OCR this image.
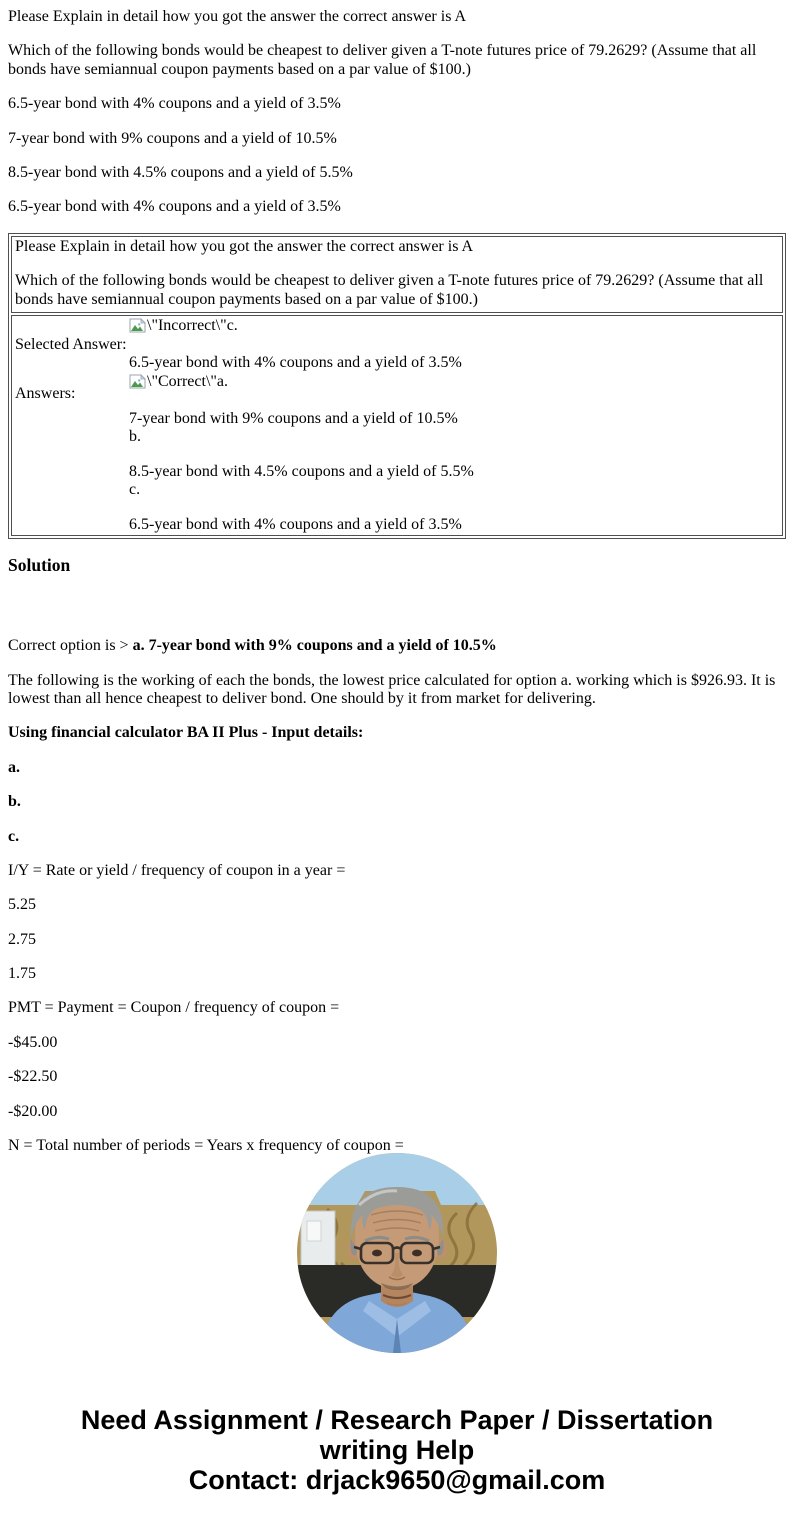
Please Explain in detail how you got the answer the correct answer is A

Which of the following bonds would be cheapest to deliver given a T-note futures price of 79.2629? (Assume that all bonds have semiannual coupon payments based on a par value of $100.)

6.5-year bond with 4% coupons and a yield of 3.5%

7-year bond with 9% coupons and a yield of 10.5%

8.5-year bond with 4.5% coupons and a yield of 5.5%

6.5-year bond with 4% coupons and a yield of 3.5%

Please Explain in detail how you got the answer the correct answer is A

Which of the following bonds would be cheapest to deliver given a T-note futures price of 79.2629? (Assume that all bonds have semiannual coupon payments based on a par value of $100.)

Selected Answer:	

\"Incorrect\"c.

6.5-year bond with 4% coupons and a yield of 3.5%

Answers:	

\"Correct\"a.

7-year bond with 9% coupons and a yield of 10.5%
b.

8.5-year bond with 4.5% coupons and a yield of 5.5%
c.

6.5-year bond with 4% coupons and a yield of 3.5%

Solution

Correct option is > a. 7-year bond with 9% coupons and a yield of 10.5%

The following is the working of each the bonds, the lowest price calculated for option a. working which is $926.93. It is lowest than all hence cheapest to deliver bond. One should by it from market for delivering.

Using financial calculator BA II Plus - Input details:

a.

b.

c.

I/Y = Rate or yield / frequency of coupon in a year =

5.25

2.75

1.75

PMT = Payment = Coupon / frequency of coupon =

-$45.00

-$22.50

-$20.00

N = Total number of periods = Years x frequency of coupon =

Need Assignment / Research Paper / Dissertation
writing Help
Contact: drjack9650@gmail.com
